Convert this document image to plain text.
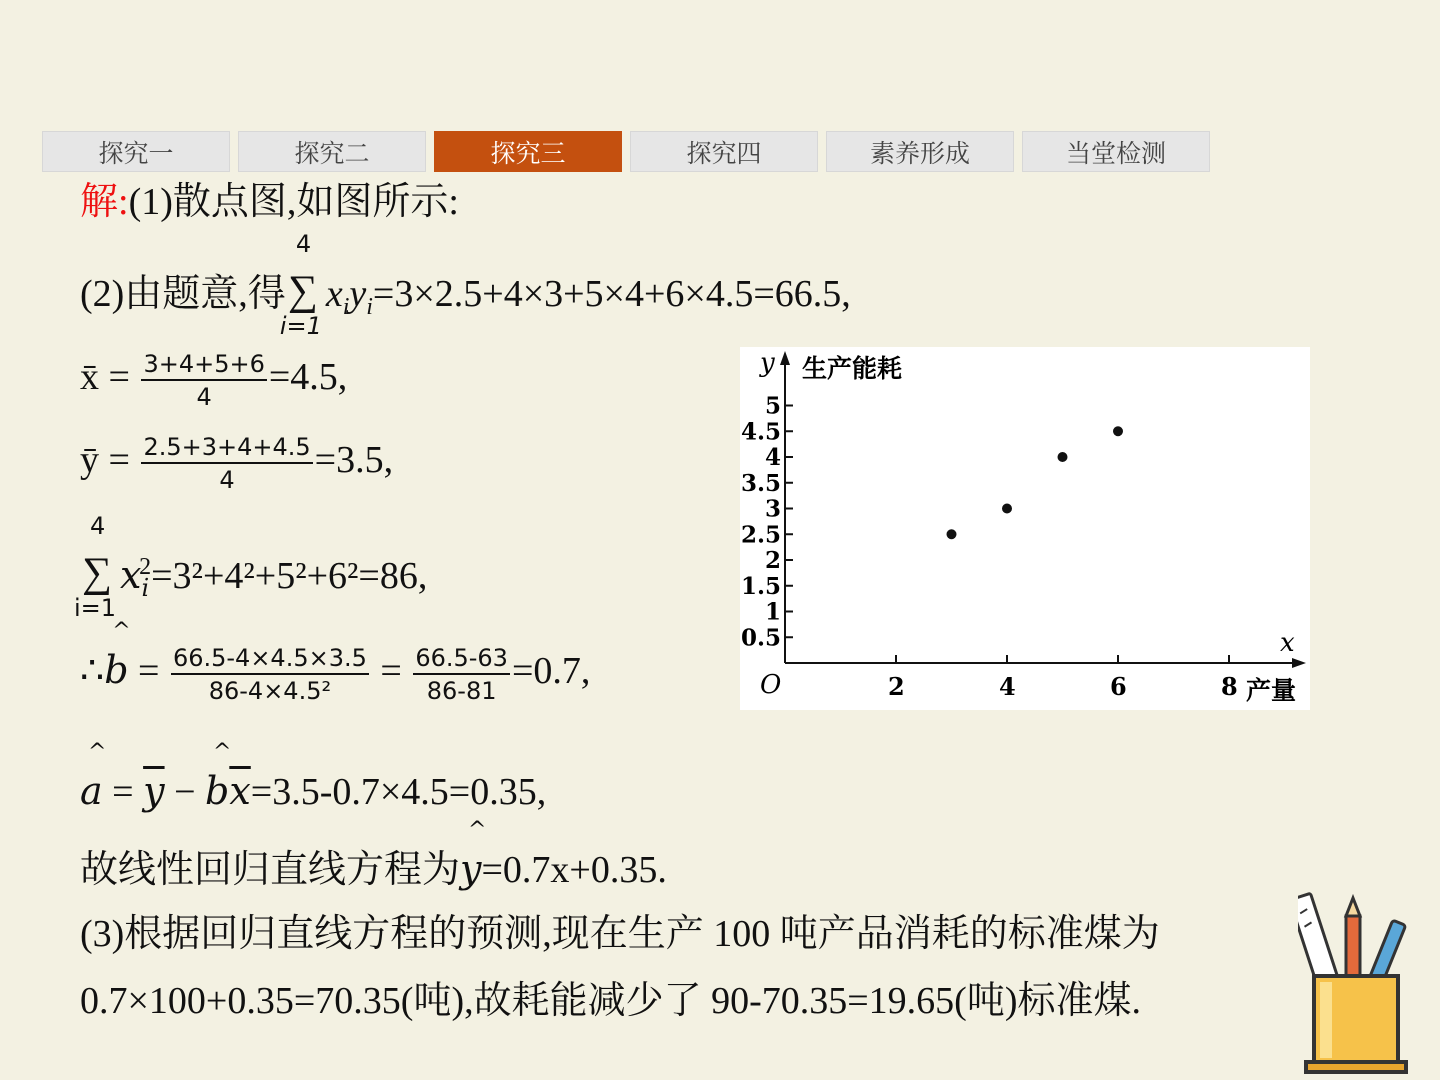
探究一	探究二	探究三	探究四	素养形成	当堂检测
解:(1)散点图,如图所示:
(2)由题意,得 ∑
4
i=1
$x_iy_i=3\times 2.5+4\times 3+5\times 4+6\times 4.5=66.5$,
x̄ = $\frac{3+4+5+6}{4} =4.5$,
ȳ = $\frac{2.5+3+4+4.5}{4} =3.5$,
∑
4
i=1
$x_i^2=3^2+4^2+5^2+6^2=86$,
∴^ $b = \frac{66.5-4\times 4.5\times 3.5}{\text{86-4×4.5²}} = \frac{66.5-63}{86-81} =0.7$,
^ $a = \overline{y}$ − ^ $b\overline{x}=3.5-0.7\times 4.5=0.35$,
故线性回归直线方程为^ y=0.7x+0.35.
(3)根据回归直线方程的预测,现在生产 100 吨产品消耗的标准煤为
0.7×100+0.35=70.35(吨),故耗能减少了 90-70.35=19.65(吨)标准煤.
y 生产能耗
x
产量
O	2	4	6	8
0.5
1
1.5
2
2.5
3
3.5
4
4.5
5
